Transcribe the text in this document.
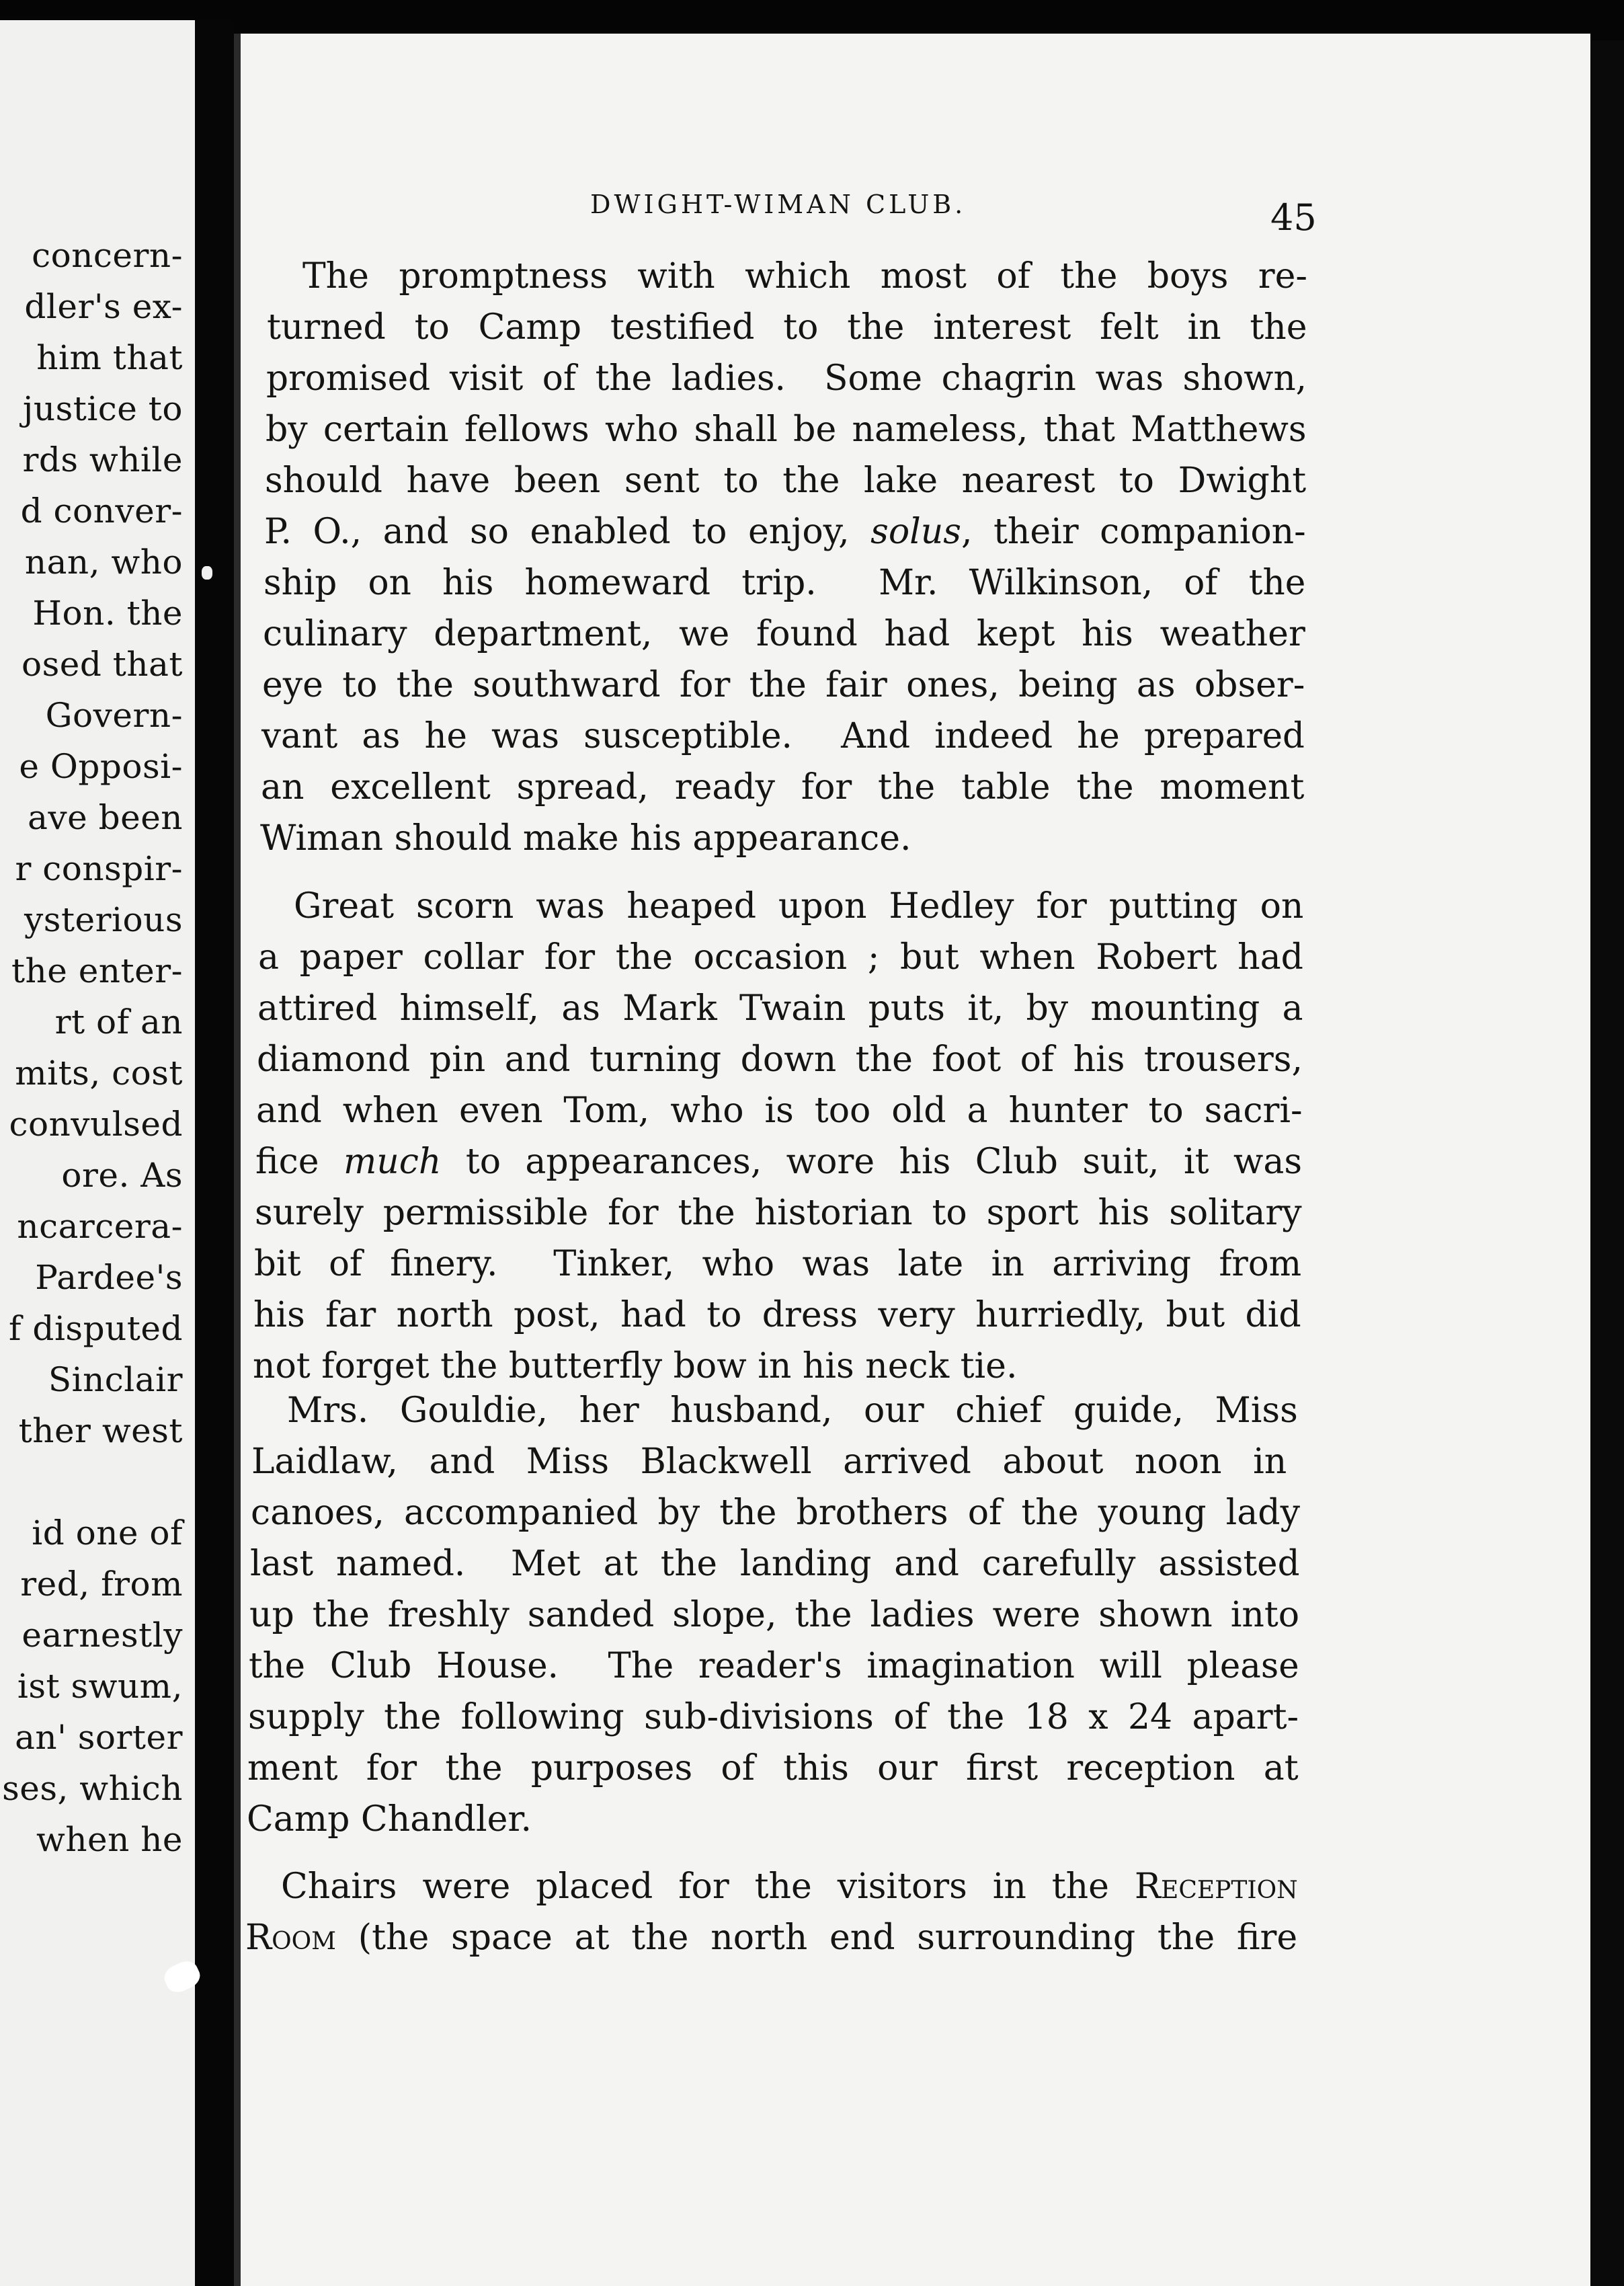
concern-
dler's ex-
him that
justice to
rds while
d conver-
nan, who
Hon. the
osed that
Govern-
e Opposi-
ave been
r conspir-
ysterious
the enter-
rt of an
mits, cost
convulsed
ore. As
ncarcera-
Pardee's
f disputed
Sinclair
ther west
id one of
red, from
earnestly
ist swum,
an' sorter
ses, which
when he
DWIGHT-WIMAN CLUB.	45
The promptness with which most of the boys re-
turned to Camp testified to the interest felt in the
promised visit of the ladies.  Some chagrin was shown,
by certain fellows who shall be nameless, that Matthews
should have been sent to the lake nearest to Dwight
P. O., and so enabled to enjoy, solus, their companion-
ship on his homeward trip.  Mr. Wilkinson, of the
culinary department, we found had kept his weather
eye to the southward for the fair ones, being as obser-
vant as he was susceptible.  And indeed he prepared
an excellent spread, ready for the table the moment
Wiman should make his appearance.
Great scorn was heaped upon Hedley for putting on
a paper collar for the occasion ; but when Robert had
attired himself, as Mark Twain puts it, by mounting a
diamond pin and turning down the foot of his trousers,
and when even Tom, who is too old a hunter to sacri-
fice much to appearances, wore his Club suit, it was
surely permissible for the historian to sport his solitary
bit of finery.  Tinker, who was late in arriving from
his far north post, had to dress very hurriedly, but did
not forget the butterfly bow in his neck tie.
Mrs. Gouldie, her husband, our chief guide, Miss
Laidlaw, and Miss Blackwell arrived about noon in
canoes, accompanied by the brothers of the young lady
last named.  Met at the landing and carefully assisted
up the freshly sanded slope, the ladies were shown into
the Club House.  The reader's imagination will please
supply the following sub-divisions of the 18 x 24 apart-
ment for the purposes of this our first reception at
Camp Chandler.
Chairs were placed for the visitors in the Reception
Room (the space at the north end surrounding the fire
